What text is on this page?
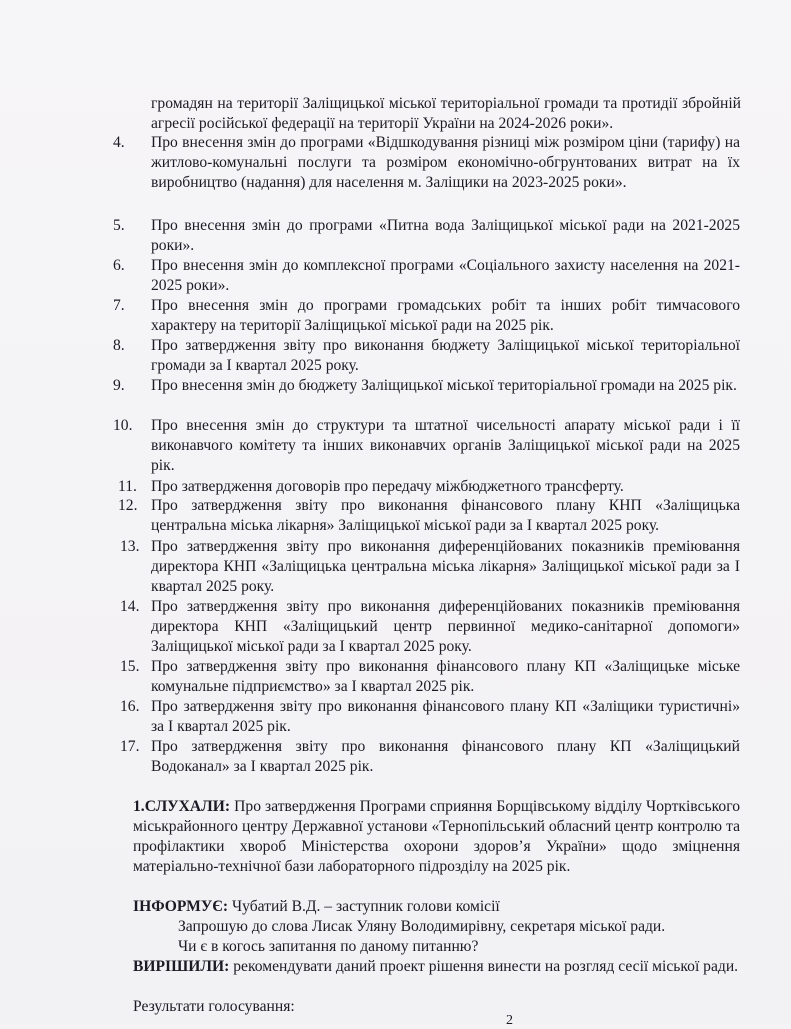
громадян на території Заліщицької міської територіальної громади та протидії збройній агресії російської федерації на території України на 2024-2026 роки».
4.	Про внесення змін до програми «Відшкодування різниці між розміром ціни (тарифу) на житлово-комунальні послуги та розміром економічно-обгрунтованих витрат на їх виробництво (надання) для населення м. Заліщики на 2023-2025 роки».
5.	Про внесення змін до програми «Питна вода Заліщицької міської ради на 2021-2025 роки».
6.	Про внесення змін до комплексної програми «Соціального захисту населення на 2021-2025 роки».
7.	Про внесення змін до програми громадських робіт та інших робіт тимчасового характеру на території Заліщицької міської ради на 2025 рік.
8.	Про затвердження звіту про виконання бюджету Заліщицької міської територіальної громади за І квартал 2025 року.
9.	Про внесення змін до бюджету Заліщицької міської територіальної громади на 2025 рік.
10. Про внесення змін до структури та штатної чисельності апарату міської ради і її виконавчого комітету та інших виконавчих органів Заліщицької міської ради на 2025 рік.
11. Про затвердження договорів про передачу міжбюджетного трансферту.
12. Про затвердження звіту про виконання фінансового плану КНП «Заліщицька центральна міська лікарня» Заліщицької міської ради за І квартал 2025 року.
13. Про затвердження звіту про виконання диференційованих показників преміювання директора КНП «Заліщицька центральна міська лікарня» Заліщицької міської ради за І квартал 2025 року.
14. Про затвердження звіту про виконання диференційованих показників преміювання директора КНП «Заліщицький центр первинної медико-санітарної допомоги» Заліщицької міської ради за І квартал 2025 року.
15. Про затвердження звіту про виконання фінансового плану КП «Заліщицьке міське комунальне підприємство» за І квартал 2025 рік.
16. Про затвердження звіту про виконання фінансового плану КП «Заліщики туристичні» за І квартал 2025 рік.
17. Про затвердження звіту про виконання фінансового плану КП «Заліщицький Водоканал» за І квартал 2025 рік.
1.СЛУХАЛИ: Про затвердження Програми сприяння Борщівському відділу Чортківського міськрайонного центру Державної установи «Тернопільський обласний центр контролю та профілактики хвороб Міністерства охорони здоров’я України» щодо зміцнення матеріально-технічної бази лабораторного підрозділу на 2025 рік.
ІНФОРМУЄ: Чубатий В.Д. – заступник голови комісії
Запрошую до слова Лисак Уляну Володимирівну, секретаря міської ради.
Чи є в когось запитання по даному питанню?
ВИРІШИЛИ: рекомендувати даний проект рішення винести на розгляд сесії міської ради.
Результати голосування:
2
